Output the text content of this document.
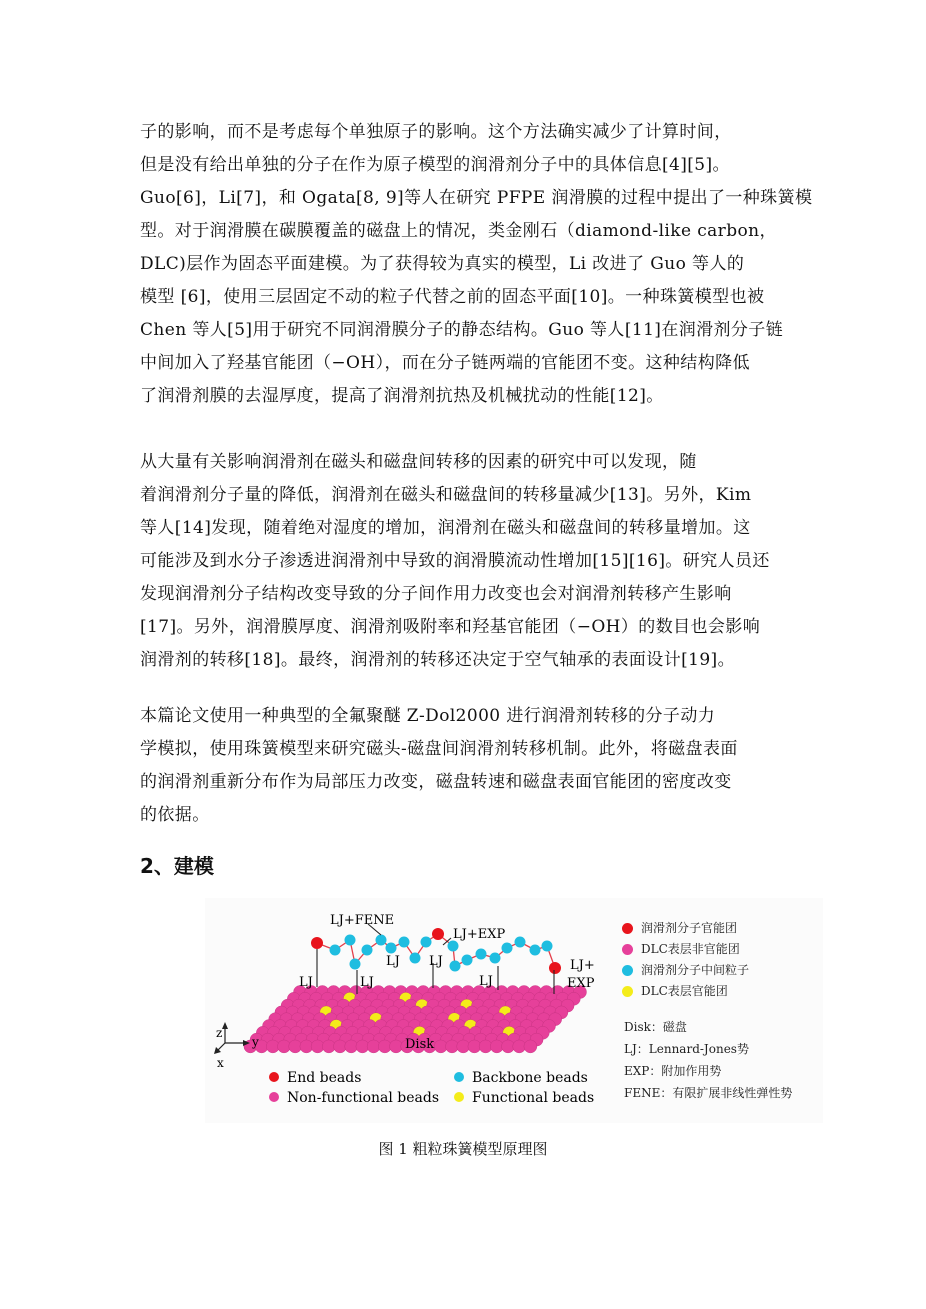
子的影响，而不是考虑每个单独原子的影响。这个方法确实减少了计算时间，
但是没有给出单独的分子在作为原子模型的润滑剂分子中的具体信息[4][5]。
Guo[6]，Li[7]，和 Ogata[8, 9]等人在研究 PFPE 润滑膜的过程中提出了一种珠簧模
型。对于润滑膜在碳膜覆盖的磁盘上的情况，类金刚石（diamond-like carbon，
DLC)层作为固态平面建模。为了获得较为真实的模型，Li 改进了 Guo 等人的
模型 [6]，使用三层固定不动的粒子代替之前的固态平面[10]。一种珠簧模型也被
Chen 等人[5]用于研究不同润滑膜分子的静态结构。Guo 等人[11]在润滑剂分子链
中间加入了羟基官能团（−OH），而在分子链两端的官能团不变。这种结构降低
了润滑剂膜的去湿厚度，提高了润滑剂抗热及机械扰动的性能[12]。
从大量有关影响润滑剂在磁头和磁盘间转移的因素的研究中可以发现，随
着润滑剂分子量的降低，润滑剂在磁头和磁盘间的转移量减少[13]。另外，Kim
等人[14]发现，随着绝对湿度的增加，润滑剂在磁头和磁盘间的转移量增加。这
可能涉及到水分子渗透进润滑剂中导致的润滑膜流动性增加[15][16]。研究人员还
发现润滑剂分子结构改变导致的分子间作用力改变也会对润滑剂转移产生影响
[17]。另外，润滑膜厚度、润滑剂吸附率和羟基官能团（−OH）的数目也会影响
润滑剂的转移[18]。最终，润滑剂的转移还决定于空气轴承的表面设计[19]。
本篇论文使用一种典型的全氟聚醚 Z-Dol2000 进行润滑剂转移的分子动力
学模拟，使用珠簧模型来研究磁头-磁盘间润滑剂转移机制。此外，将磁盘表面
的润滑剂重新分布作为局部压力改变，磁盘转速和磁盘表面官能团的密度改变
的依据。
2、建模
LJ+FENE
LJ+EXP
LJ	LJ
LJ LJ
LJ
LJ+
EXP
Disk
z
y
x
End beads
Non-functional beads
Backbone beads
Functional beads
润滑剂分子官能团
DLC表层非官能团
润滑剂分子中间粒子
DLC表层官能团
Disk：磁盘
LJ：Lennard-Jones势
EXP：附加作用势
FENE：有限扩展非线性弹性势
图 1 粗粒珠簧模型原理图
